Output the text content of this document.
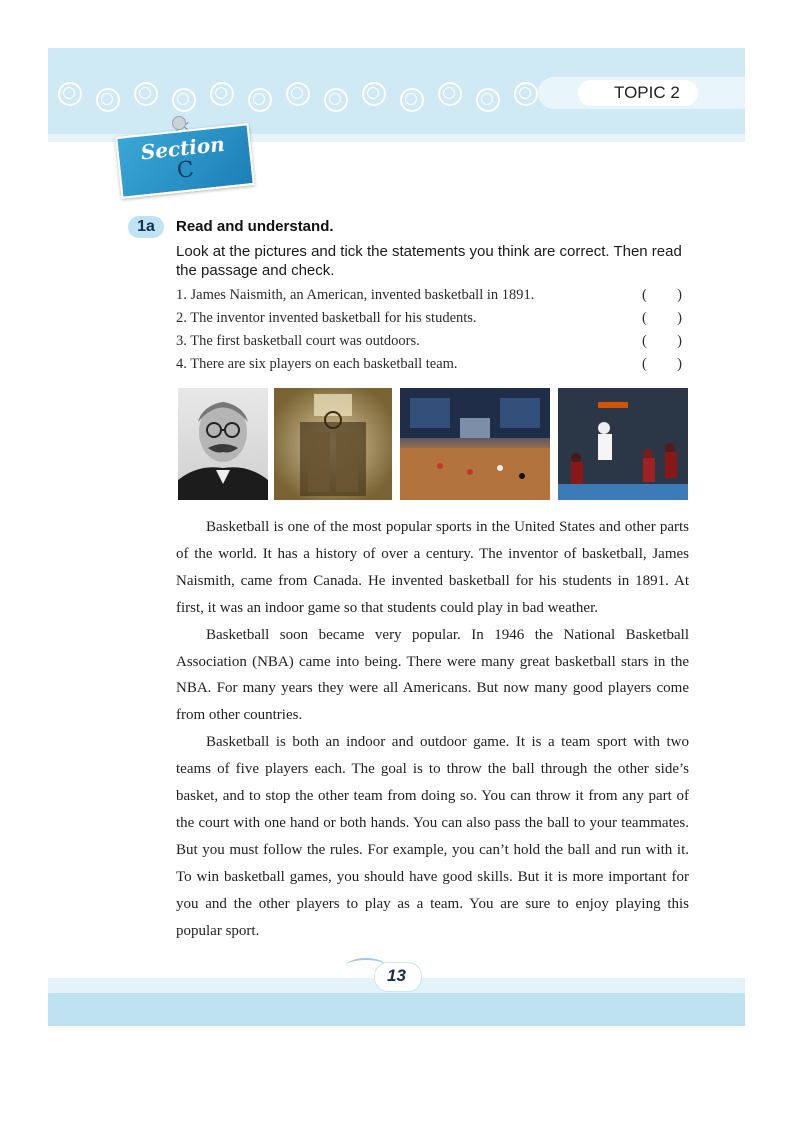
TOPIC 2
Section
C
13
1a	Read and understand.
Look at the pictures and tick the statements you think are correct. Then read the passage and check.
1. James Naismith, an American, invented basketball in 1891.	( )
2. The inventor invented basketball for his students.	( )
3. The first basketball court was outdoors.	( )
4. There are six players on each basketball team.	( )

Basketball is one of the most popular sports in the United States and other parts of the world. It has a history of over a century. The inventor of basketball, James Naismith, came from Canada. He invented basketball for his students in 1891. At first, it was an indoor game so that students could play in bad weather.

Basketball soon became very popular. In 1946 the National Basketball Association (NBA) came into being. There were many great basketball stars in the NBA. For many years they were all Americans. But now many good players come from other countries.

Basketball is both an indoor and outdoor game. It is a team sport with two teams of five players each. The goal is to throw the ball through the other side’s basket, and to stop the other team from doing so. You can throw it from any part of the court with one hand or both hands. You can also pass the ball to your teammates. But you must follow the rules. For example, you can’t hold the ball and run with it. To win basketball games, you should have good skills. But it is more important for you and the other players to play as a team. You are sure to enjoy playing this popular sport.
